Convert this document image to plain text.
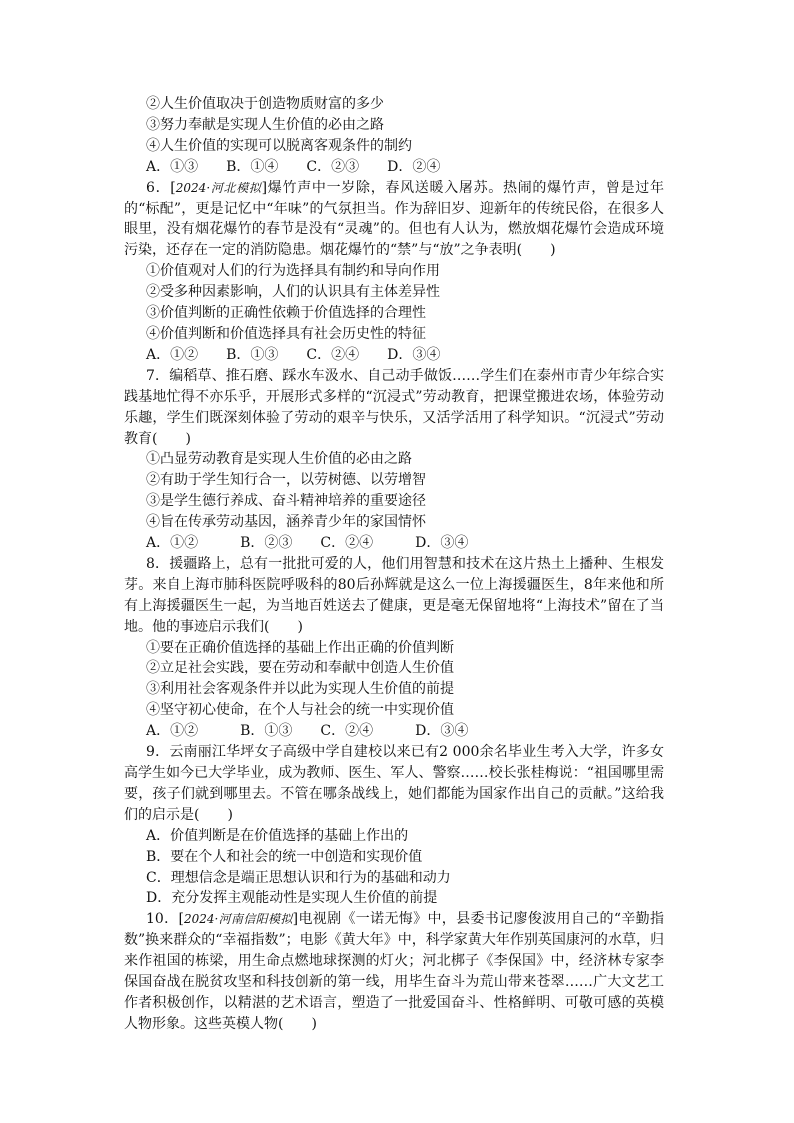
②人生价值取决于创造物质财富的多少
③努力奉献是实现人生价值的必由之路
④人生价值的实现可以脱离客观条件的制约
A．①③　　B．①④　　C．②③　　D．②④
6．[2024·河北模拟]爆竹声中一岁除，春风送暖入屠苏。热闹的爆竹声，曾是过年的“标配”，更是记忆中“年味”的气氛担当。作为辞旧岁、迎新年的传统民俗，在很多人眼里，没有烟花爆竹的春节是没有“灵魂”的。但也有人认为，燃放烟花爆竹会造成环境污染，还存在一定的消防隐患。烟花爆竹的“禁”与“放”之争表明(　　)
①价值观对人们的行为选择具有制约和导向作用
②受多种因素影响，人们的认识具有主体差异性
③价值判断的正确性依赖于价值选择的合理性
④价值判断和价值选择具有社会历史性的特征
A．①②　　B．①③　　C．②④　　D．③④
7．编稻草、推石磨、踩水车汲水、自己动手做饭……学生们在泰州市青少年综合实践基地忙得不亦乐乎，开展形式多样的“沉浸式”劳动教育，把课堂搬进农场，体验劳动乐趣，学生们既深刻体验了劳动的艰辛与快乐，又活学活用了科学知识。“沉浸式”劳动教育(　　)
①凸显劳动教育是实现人生价值的必由之路
②有助于学生知行合一，以劳树德、以劳增智
③是学生德行养成、奋斗精神培养的重要途径
④旨在传承劳动基因，涵养青少年的家国情怀
A．①②　　　B．②③　　C．②④　　　D．③④
8．援疆路上，总有一批批可爱的人，他们用智慧和技术在这片热土上播种、生根发芽。来自上海市肺科医院呼吸科的80后孙辉就是这么一位上海援疆医生，8年来他和所有上海援疆医生一起，为当地百姓送去了健康，更是毫无保留地将“上海技术”留在了当地。他的事迹启示我们(　　)
①要在正确价值选择的基础上作出正确的价值判断
②立足社会实践，要在劳动和奉献中创造人生价值
③利用社会客观条件并以此为实现人生价值的前提
④坚守初心使命，在个人与社会的统一中实现价值
A．①②　　　B．①③　　C．②④　　　D．③④
9．云南丽江华坪女子高级中学自建校以来已有2 000余名毕业生考入大学，许多女高学生如今已大学毕业，成为教师、医生、军人、警察……校长张桂梅说：“祖国哪里需要，孩子们就到哪里去。不管在哪条战线上，她们都能为国家作出自己的贡献。”这给我们的启示是(　　)
A．价值判断是在价值选择的基础上作出的
B．要在个人和社会的统一中创造和实现价值
C．理想信念是端正思想认识和行为的基础和动力
D．充分发挥主观能动性是实现人生价值的前提
10．[2024·河南信阳模拟]电视剧《一诺无悔》中，县委书记廖俊波用自己的“辛勤指数”换来群众的“幸福指数”；电影《黄大年》中，科学家黄大年作别英国康河的水草，归来作祖国的栋梁，用生命点燃地球探测的灯火；河北梆子《李保国》中，经济林专家李保国奋战在脱贫攻坚和科技创新的第一线，用毕生奋斗为荒山带来苍翠……广大文艺工作者积极创作，以精湛的艺术语言，塑造了一批爱国奋斗、性格鲜明、可敬可感的英模人物形象。这些英模人物(　　)
